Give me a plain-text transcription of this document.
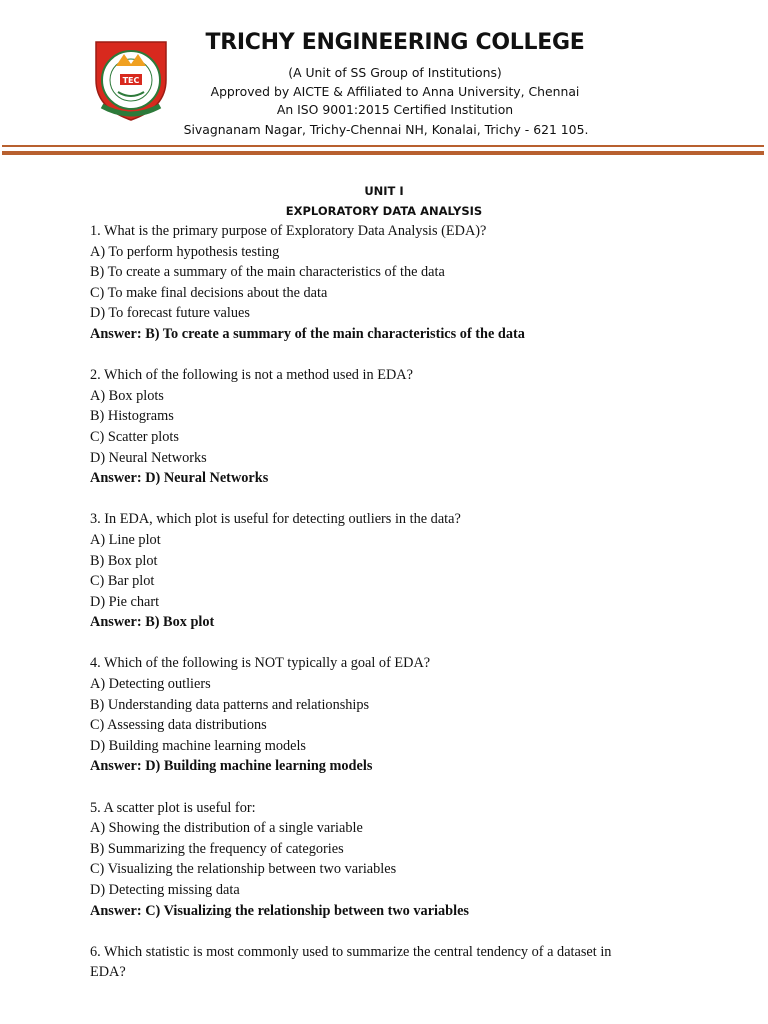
TEC
TRICHY ENGINEERING COLLEGE
(A Unit of SS Group of Institutions)
Approved by AICTE & Affiliated to Anna University, Chennai
An ISO 9001:2015 Certified Institution
Sivagnanam Nagar, Trichy-Chennai NH, Konalai, Trichy - 621 105.
UNIT I
EXPLORATORY DATA ANALYSIS
1. What is the primary purpose of Exploratory Data Analysis (EDA)?
A) To perform hypothesis testing
B) To create a summary of the main characteristics of the data
C) To make final decisions about the data
D) To forecast future values
Answer: B) To create a summary of the main characteristics of the data
2. Which of the following is not a method used in EDA?
A) Box plots
B) Histograms
C) Scatter plots
D) Neural Networks
Answer: D) Neural Networks
3. In EDA, which plot is useful for detecting outliers in the data?
A) Line plot
B) Box plot
C) Bar plot
D) Pie chart
Answer: B) Box plot
4. Which of the following is NOT typically a goal of EDA?
A) Detecting outliers
B) Understanding data patterns and relationships
C) Assessing data distributions
D) Building machine learning models
Answer: D) Building machine learning models
5. A scatter plot is useful for:
A) Showing the distribution of a single variable
B) Summarizing the frequency of categories
C) Visualizing the relationship between two variables
D) Detecting missing data
Answer: C) Visualizing the relationship between two variables
6. Which statistic is most commonly used to summarize the central tendency of a dataset in EDA?
